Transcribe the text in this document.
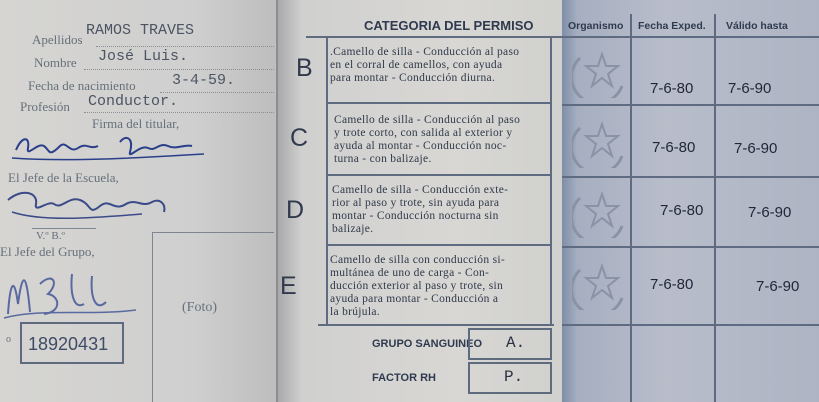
Apellidos
RAMOS TRAVES
Nombre José Luis.
Fecha de nacimiento 3-4-59.
Profesión Conductor.
Firma del titular,
El Jefe de la Escuela,
V.º B.º
El Jefe del Grupo,
(Foto)
18920431
o
CATEGORIA DEL PERMISO
B
.Camello de silla - Conducción al paso
en el corral de camellos, con ayuda
para montar - Conducción diurna.
C
Camello de silla - Conducción al paso
y trote corto, con salida al exterior y
ayuda al montar - Conducción noc-
turna - con balizaje.
D
Camello de silla - Conducción exte-
rior al paso y trote, sin ayuda para
montar - Conducción nocturna sin
balizaje.
E
Camello de silla con conducción si-
multánea de uno de carga - Con-
ducción exterior al paso y trote, sin
ayuda para montar - Conducción a
la brújula.
GRUPO SANGUINEO A.
FACTOR RH	P.
Organismo Fecha Exped. Válido hasta
7-6-80 7-6-90
7-6-80	7-6-90
7-6-80	7-6-90
7-6-80	7-6-90
